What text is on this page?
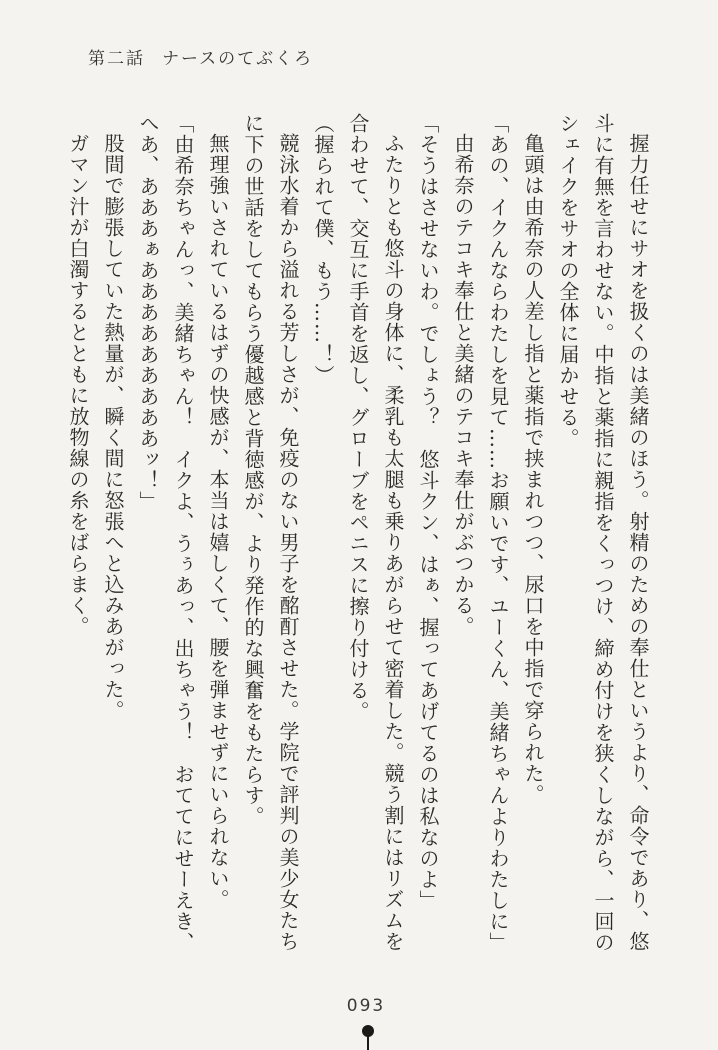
第二話 ナースのてぶくろ

握力任せにサオを扱くのは美緒のほう。射精のための奉仕というより、命令であり、悠斗に有無を言わせない。中指と薬指に親指をくっつけ、締め付けを狭くしながら、一回のシェイクをサオの全体に届かせる。

亀頭は由希奈の人差し指と薬指で挟まれつつ、尿口を中指で穿られた。

「あの、イクんならわたしを見て……お願いです、ユーくん、美緒ちゃんよりわたしに」

由希奈のテコキ奉仕と美緒のテコキ奉仕がぶつかる。

「そうはさせないわ。でしょう？　悠斗クン、はぁ、握ってあげてるのは私なのよ」

ふたりとも悠斗の身体に、柔乳も太腿も乗りあがらせて密着した。競う割にはリズムを合わせて、交互に手首を返し、グローブをペニスに擦り付ける。

（握られて僕、もう……！）

競泳水着から溢れる芳しさが、免疫のない男子を酩酊させた。学院で評判の美少女たちに下の世話をしてもらう優越感と背徳感が、より発作的な興奮をもたらす。

無理強いされているはずの快感が、本当は嬉しくて、腰を弾ませずにいられない。

「由希奈ちゃんっ、美緒ちゃん！　イクよ、うぅあっ、出ちゃう！　おててにせーえき、へあ、あああぁあああああああああッ！」

股間で膨張していた熱量が、瞬く間に怒張へと込みあがった。

ガマン汁が白濁するとともに放物線の糸をばらまく。

093
